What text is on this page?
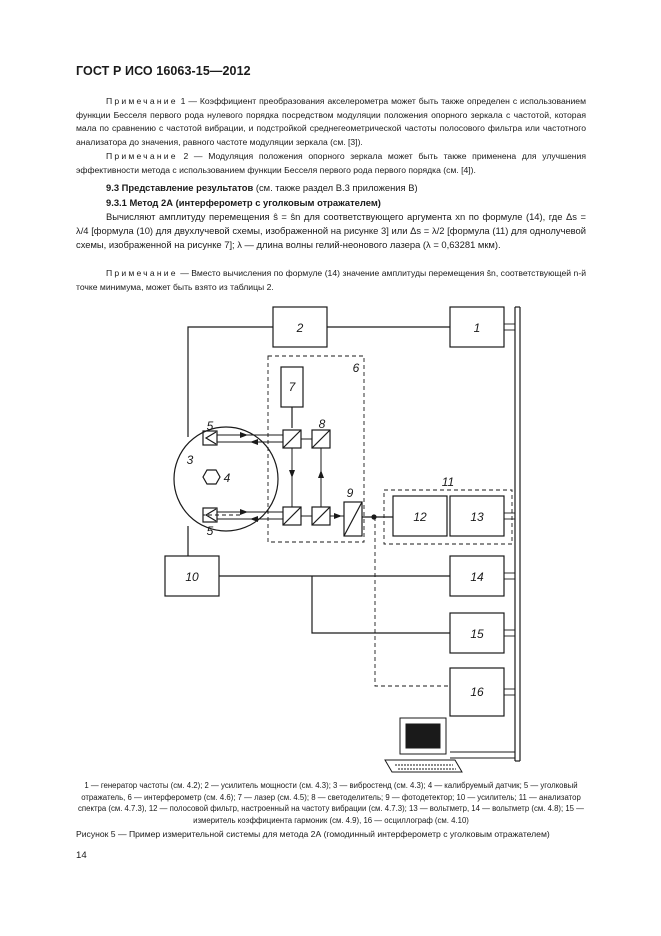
ГОСТ Р ИСО 16063-15—2012
Примечание 1 — Коэффициент преобразования акселерометра может быть также определен с использованием функции Бесселя первого рода нулевого порядка посредством модуляции положения опорного зеркала с частотой, которая мала по сравнению с частотой вибрации, и подстройкой среднегеометрической частоты полосового фильтра или частотного анализатора до значения, равного частоте модуляции зеркала (см. [3]).
Примечание 2 — Модуляция положения опорного зеркала может быть также применена для улучшения эффективности метода с использованием функции Бесселя первого рода первого порядка (см. [4]).
9.3 Представление результатов (см. также раздел В.3 приложения В)
9.3.1 Метод 2А (интерферометр с уголковым отражателем)
Вычисляют амплитуду перемещения ŝ = ŝn для соответствующего аргумента xn по формуле (14), где Δs = λ/4 [формула (10) для двухлучевой схемы, изображенной на рисунке 3] или Δs = λ/2 [формула (11) для однолучевой схемы, изображенной на рисунке 7]; λ — длина волны гелий-неонового лазера (λ = 0,63281 мкм).
Примечание — Вместо вычисления по формуле (14) значение амплитуды перемещения ŝn, соответствующей n-й точке минимума, может быть взято из таблицы 2.
1
2
3
4
5
5
6
7
8
9
10
11
12	13
14
15
16
1 — генератор частоты (см. 4.2); 2 — усилитель мощности (см. 4.3); 3 — вибростенд (см. 4.3); 4 — калибруемый датчик; 5 — уголковый отражатель, 6 — интерферометр (см. 4.6); 7 — лазер (см. 4.5); 8 — светоделитель; 9 — фотодетектор; 10 — усилитель; 11 — анализатор спектра (см. 4.7.3), 12 — полосовой фильтр, настроенный на частоту вибрации (см. 4.7.3); 13 — вольтметр, 14 — вольтметр (см. 4.8); 15 — измеритель коэффициента гармоник (см. 4.9), 16 — осциллограф (см. 4.10)
Рисунок 5 — Пример измерительной системы для метода 2А (гомодинный интерферометр с уголковым отражателем)
14
